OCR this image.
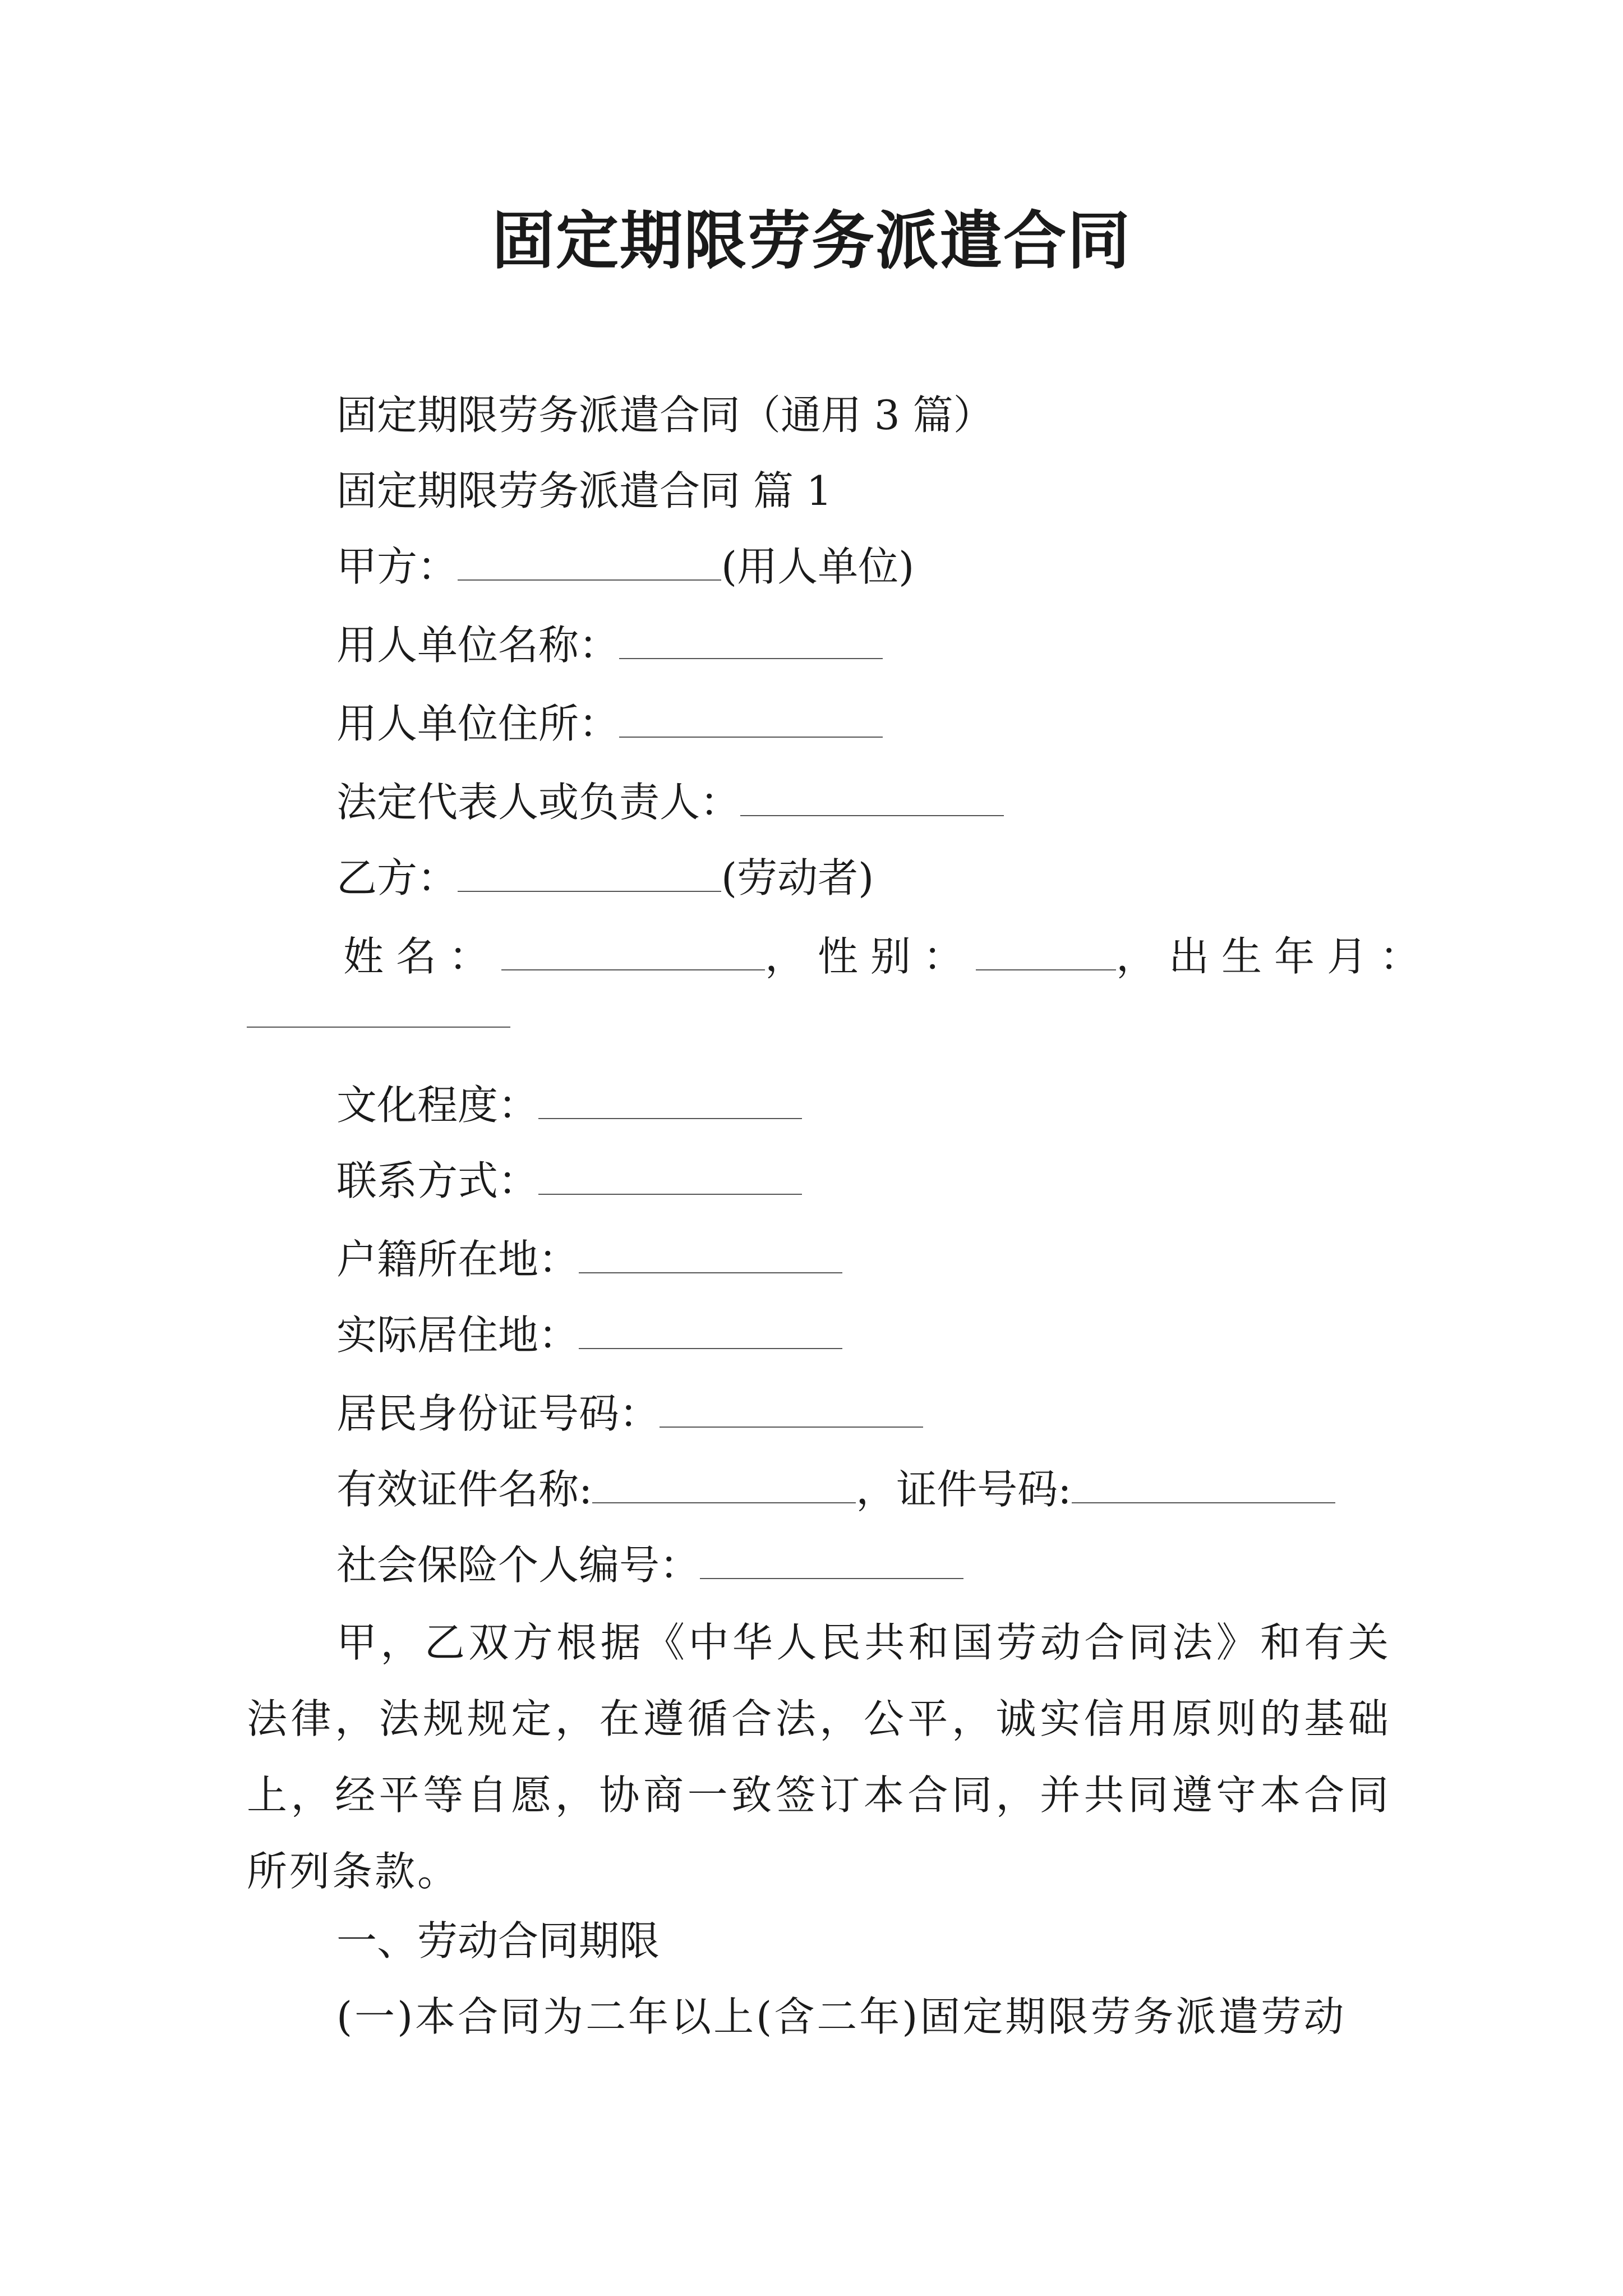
固定期限劳务派遣合同
固定期限劳务派遣合同（通用 3 篇）
固定期限劳务派遣合同 篇 1
甲方：	(用人单位)
用人单位名称：
用人单位住所：
法定代表人或负责人：
乙方：	(劳动者)
姓名：	，性别：	，出生年月：
文化程度：
联系方式：
户籍所在地：
实际居住地：
居民身份证号码：
有效证件名称:	，证件号码:
社会保险个人编号：
甲，乙双方根据《中华人民共和国劳动合同法》和有关法律，法规规定，在遵循合法，公平，诚实信用原则的基础上，经平等自愿，协商一致签订本合同，并共同遵守本合同所列条款。
一、劳动合同期限
(一)本合同为二年以上(含二年)固定期限劳务派遣劳动
